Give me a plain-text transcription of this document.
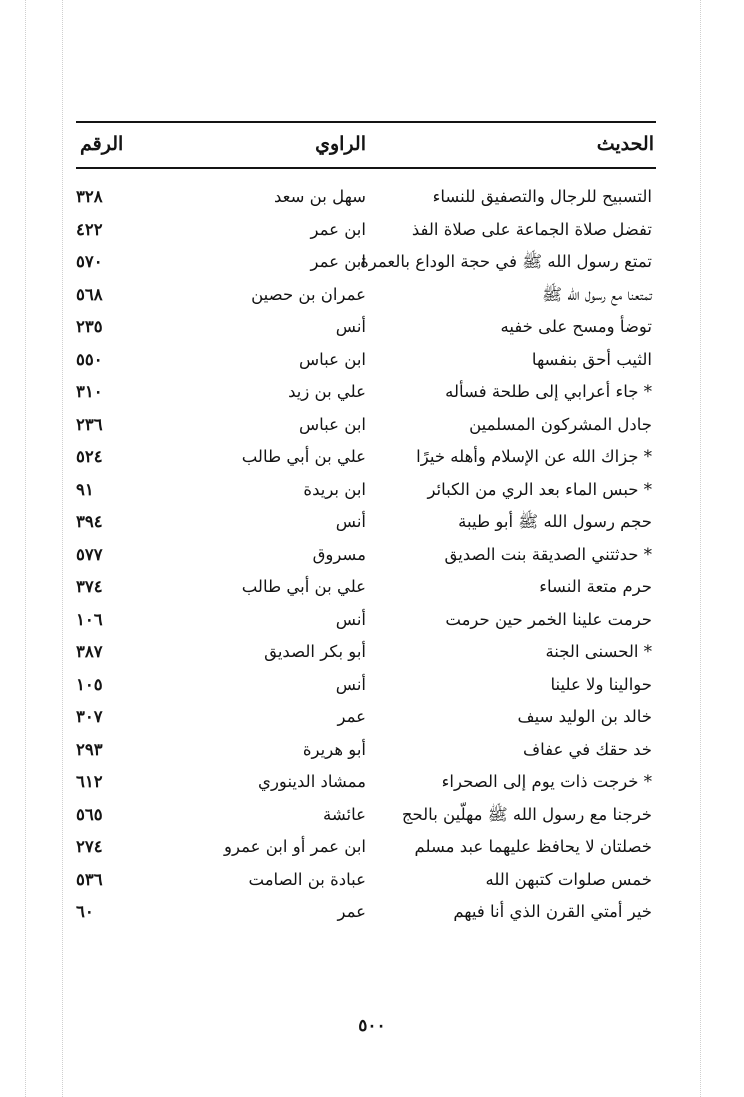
الحديث
الراوي
الرقم
التسبيح للرجال والتصفيق للنساء
سهل بن سعد
٣٢٨
تفضل صلاة الجماعة على صلاة الفذ
ابن عمر
٤٢٢
تمتع رسول الله ﷺ في حجة الوداع بالعمرة
ابن عمر
٥٧٠
تمتعنا مع رسول الله ﷺ
عمران بن حصين
٥٦٨
توضأ ومسح على خفيه
أنس
٢٣٥
الثيب أحق بنفسها
ابن عباس
٥٥٠
* جاء أعرابي إلى طلحة فسأله
علي بن زيد
٣١٠
جادل المشركون المسلمين
ابن عباس
٢٣٦
* جزاك الله عن الإسلام وأهله خيرًا
علي بن أبي طالب
٥٢٤
* حبس الماء بعد الري من الكبائر
ابن بريدة
٩١
حجم رسول الله ﷺ أبو طيبة
أنس
٣٩٤
* حدثتني الصديقة بنت الصديق
مسروق
٥٧٧
حرم متعة النساء
علي بن أبي طالب
٣٧٤
حرمت علينا الخمر حين حرمت
أنس
١٠٦
* الحسنى الجنة
أبو بكر الصديق
٣٨٧
حوالينا ولا علينا
أنس
١٠٥
خالد بن الوليد سيف
عمر
٣٠٧
خد حقك في عفاف
أبو هريرة
٢٩٣
* خرجت ذات يوم إلى الصحراء
ممشاد الدينوري
٦١٢
خرجنا مع رسول الله ﷺ مهلّين بالحج
عائشة
٥٦٥
خصلتان لا يحافظ عليهما عبد مسلم
ابن عمر أو ابن عمرو
٢٧٤
خمس صلوات كتبهن الله
عبادة بن الصامت
٥٣٦
خير أمتي القرن الذي أنا فيهم
عمر
٦٠
٥٠٠
